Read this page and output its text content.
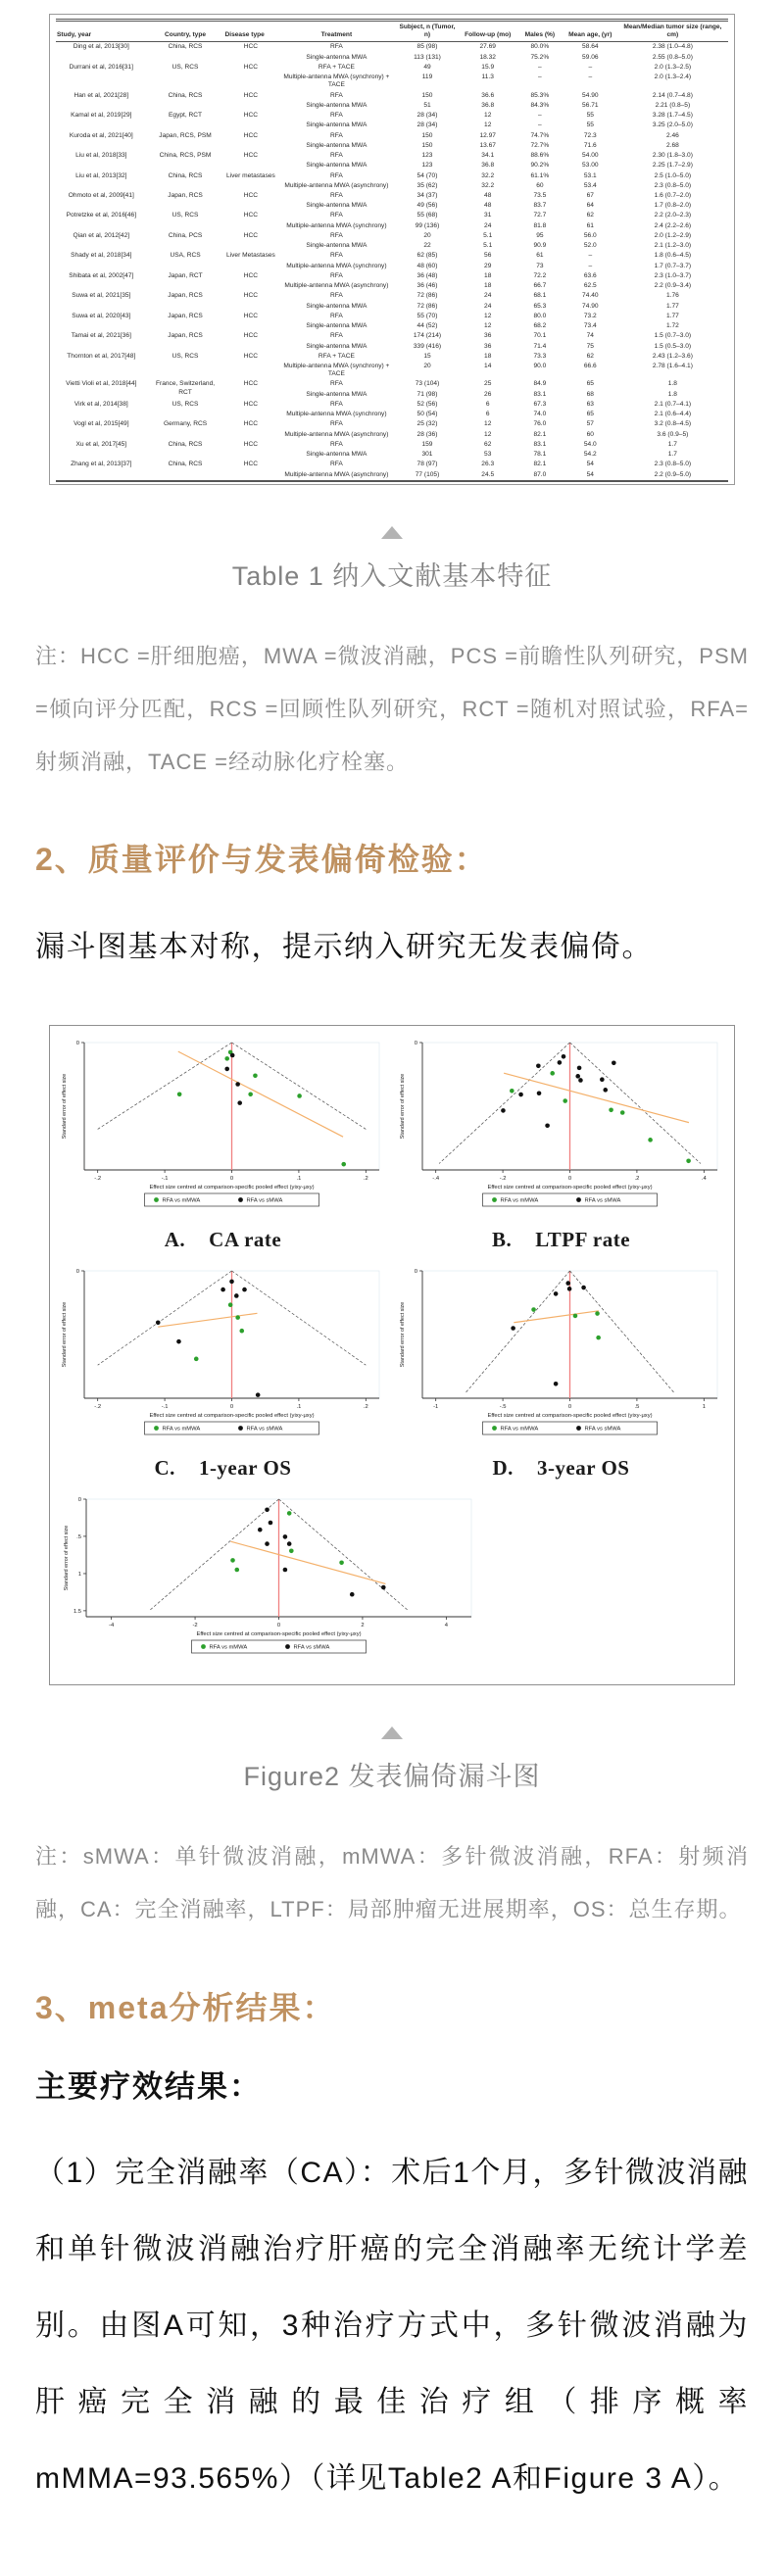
Study, year	Country, type	Disease type	Treatment	Subject, n (Tumor, n)	Follow-up (mo)	Males (%)	Mean age, (yr)	Mean/Median tumor size (range, cm)
Ding et al, 2013[30]	China, RCS	HCC	RFA	85 (98)	27.69	80.0%	58.64	2.38 (1.0–4.8)
			Single-antenna MWA	113 (131)	18.32	75.2%	59.06	2.55 (0.8–5.0)
Durrani et al, 2016[31]	US, RCS	HCC	RFA + TACE	49	15.9	–	–	2.0 (1.3–2.5)
			Multiple-antenna MWA (synchrony) + TACE	119	11.3	–	–	2.0 (1.3–2.4)
Han et al, 2021[28]	China, RCS	HCC	RFA	150	36.6	85.3%	54.90	2.14 (0.7–4.8)
			Single-antenna MWA	51	36.8	84.3%	56.71	2.21 (0.8–5)
Kamal et al, 2019[29]	Egypt, RCT	HCC	RFA	28 (34)	12	–	55	3.28 (1.7–4.5)
			Single-antenna MWA	28 (34)	12	–	55	3.25 (2.0–5.0)
Kuroda et al, 2021[40]	Japan, RCS, PSM	HCC	RFA	150	12.97	74.7%	72.3	2.46
			Single-antenna MWA	150	13.67	72.7%	71.6	2.68
Liu et al, 2018[33]	China, RCS, PSM	HCC	RFA	123	34.1	88.6%	54.00	2.30 (1.8–3.0)
			Single-antenna MWA	123	36.8	90.2%	53.00	2.25 (1.7–2.9)
Liu et al, 2013[32]	China, RCS	Liver metastases	RFA	54 (70)	32.2	61.1%	53.1	2.5 (1.0–5.0)
			Multiple-antenna MWA (asynchrony)	35 (62)	32.2	60	53.4	2.3 (0.8–5.0)
Ohmoto et al, 2009[41]	Japan, RCS	HCC	RFA	34 (37)	48	73.5	67	1.6 (0.7–2.0)
			Single-antenna MWA	49 (56)	48	83.7	64	1.7 (0.8–2.0)
Potretzke et al, 2016[46]	US, RCS	HCC	RFA	55 (68)	31	72.7	62	2.2 (2.0–2.3)
			Multiple-antenna MWA (synchrony)	99 (136)	24	81.8	61	2.4 (2.2–2.6)
Qian et al, 2012[42]	China, PCS	HCC	RFA	20	5.1	95	56.0	2.0 (1.2–2.9)
			Single-antenna MWA	22	5.1	90.9	52.0	2.1 (1.2–3.0)
Shady et al, 2018[34]	USA, RCS	Liver Metastases	RFA	62 (85)	56	61	–	1.8 (0.6–4.5)
			Multiple-antenna MWA (synchrony)	48 (60)	29	73	–	1.7 (0.7–3.7)
Shibata et al, 2002[47]	Japan, RCT	HCC	RFA	36 (48)	18	72.2	63.6	2.3 (1.0–3.7)
			Multiple-antenna MWA (asynchrony)	36 (46)	18	66.7	62.5	2.2 (0.9–3.4)
Suwa et al, 2021[35]	Japan, RCS	HCC	RFA	72 (86)	24	68.1	74.40	1.76
			Single-antenna MWA	72 (86)	24	65.3	74.90	1.77
Suwa et al, 2020[43]	Japan, RCS	HCC	RFA	55 (70)	12	80.0	73.2	1.77
			Single-antenna MWA	44 (52)	12	68.2	73.4	1.72
Tamai et al, 2021[36]	Japan, RCS	HCC	RFA	174 (214)	36	70.1	74	1.5 (0.7–3.0)
			Single-antenna MWA	339 (416)	36	71.4	75	1.5 (0.5–3.0)
Thornton et al, 2017[48]	US, RCS	HCC	RFA + TACE	15	18	73.3	62	2.43 (1.2–3.6)
			Multiple-antenna MWA (synchrony) + TACE	20	14	90.0	66.6	2.78 (1.6–4.1)
Vietti Violi et al, 2018[44]	France, Switzerland, RCT	HCC	RFA	73 (104)	25	84.9	65	1.8
			Single-antenna MWA	71 (98)	26	83.1	68	1.8
Virk et al, 2014[38]	US, RCS	HCC	RFA	52 (56)	6	67.3	63	2.1 (0.7–4.1)
			Multiple-antenna MWA (synchrony)	50 (54)	6	74.0	65	2.1 (0.6–4.4)
Vogl et al, 2015[49]	Germany, RCS	HCC	RFA	25 (32)	12	76.0	57	3.2 (0.8–4.5)
			Multiple-antenna MWA (asynchrony)	28 (36)	12	82.1	60	3.6 (0.9–5)
Xu et al, 2017[45]	China, RCS	HCC	RFA	159	62	83.1	54.0	1.7
			Single-antenna MWA	301	53	78.1	54.2	1.7
Zhang et al, 2013[37]	China, RCS	HCC	RFA	78 (97)	26.3	82.1	54	2.3 (0.8–5.0)
			Multiple-antenna MWA (asynchrony)	77 (105)	24.5	87.0	54	2.2 (0.9–5.0)
Table 1 纳入文献基本特征

注：HCC =肝细胞癌，MWA =微波消融，PCS =前瞻性队列研究，PSM =倾向评分匹配，RCS =回顾性队列研究，RCT =随机对照试验，RFA=射频消融，TACE =经动脉化疗栓塞。

2、质量评价与发表偏倚检验：

漏斗图基本对称，提示纳入研究无发表偏倚。

-.2	-.1	0	.1	.2
0
Effect size centred at comparison-specific pooled effect (yixy-μxy)
Standard error of effect size
RFA vs mMWA	RFA vs sMWA
A. CA rate
-.4	-.2	0	.2	.4
0
Effect size centred at comparison-specific pooled effect (yixy-μxy)
Standard error of effect size
RFA vs mMWA	RFA vs sMWA
B. LTPF rate
-.2	-.1	0	.1	.2
0
Effect size centred at comparison-specific pooled effect (yixy-μxy)
Standard error of effect size
RFA vs mMWA	RFA vs sMWA
C. 1-year OS
-1	-.5	0	.5	1
0
Effect size centred at comparison-specific pooled effect (yixy-μxy)
Standard error of effect size
RFA vs mMWA	RFA vs sMWA
D. 3-year OS
-4	-2	0	2	4
0
.5
1
1.5
Effect size centred at comparison-specific pooled effect (yixy-μxy)
Standard error of effect size
RFA vs mMWA	RFA vs sMWA
Figure2 发表偏倚漏斗图

注：sMWA：单针微波消融，mMWA：多针微波消融，RFA：射频消融，CA：完全消融率，LTPF：局部肿瘤无进展期率，OS：总生存期。

3、meta分析结果：

主要疗效结果：

（1）完全消融率（CA）：术后1个月，多针微波消融和单针微波消融治疗肝癌的完全消融率无统计学差别。由图A可知，3种治疗方式中，多针微波消融为肝癌完全消融的最佳治疗组（排序概率mMMA=93.565%）（详见Table2 A和Figure 3 A）。
